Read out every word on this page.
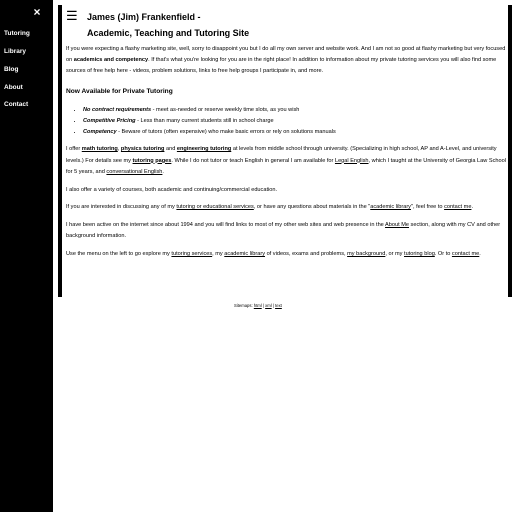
×
Tutoring
Library
Blog
About
Contact
☰ James (Jim) Frankenfield -
Academic, Teaching and Tutoring Site

If you were expecting a flashy marketing site, well, sorry to disappoint you but I do all my own server and website work. And I am not so good at flashy marketing but very focused on academics and competency. If that's what you're looking for you are in the right place! In addition to information about my private tutoring services you will also find some sources of free help here - videos, problem solutions, links to free help groups I participate in, and more.

Now Available for Private Tutoring
• No contract requirements - meet as-needed or reserve weekly time slots, as you wish
• Competitive Pricing - Less than many current students still in school charge
• Competency - Beware of tutors (often expensive) who make basic errors or rely on solutions manuals

I offer math tutoring, physics tutoring and engineering tutoring at levels from middle school through university. (Specializing in high school, AP and A-Level, and university levels.) For details see my tutoring pages. While I do not tutor or teach English in general I am available for Legal English, which I taught at the University of Georgia Law School for 5 years, and conversational English.

I also offer a variety of courses, both academic and continuing/commercial education.

If you are interested in discussing any of my tutoring or educational services, or have any questions about materials in the "academic library", feel free to contact me.

I have been active on the internet since about 1994 and you will find links to most of my other web sites and web presence in the About Me section, along with my CV and other background information.

Use the menu on the left to go explore my tutoring services, my academic library of videos, exams and problems, my background, or my tutoring blog. Or to contact me.

Sitemaps: html | xml | text
